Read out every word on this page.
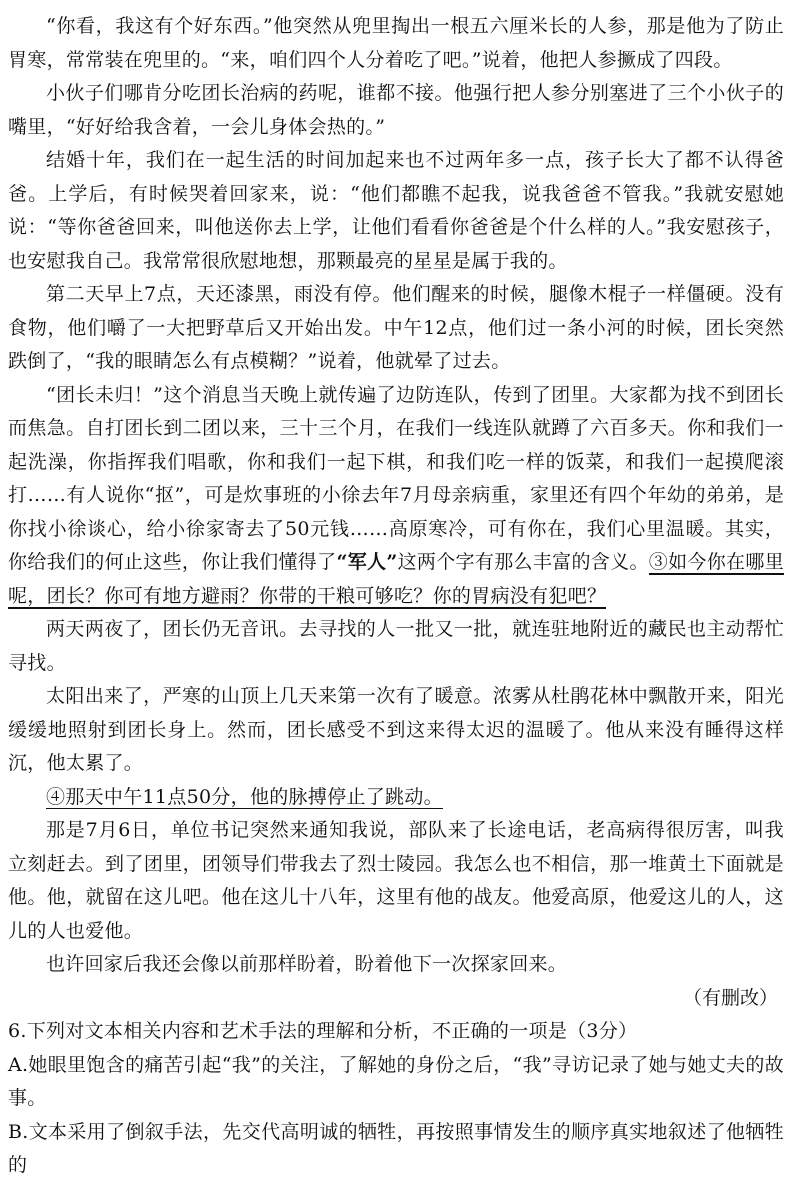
“你看，我这有个好东西。”他突然从兜里掏出一根五六厘米长的人参，那是他为了防止胃寒，常常装在兜里的。“来，咱们四个人分着吃了吧。”说着，他把人参撅成了四段。

小伙子们哪肯分吃团长治病的药呢，谁都不接。他强行把人参分别塞进了三个小伙子的嘴里，“好好给我含着，一会儿身体会热的。”

结婚十年，我们在一起生活的时间加起来也不过两年多一点，孩子长大了都不认得爸爸。上学后，有时候哭着回家来，说：“他们都瞧不起我，说我爸爸不管我。”我就安慰她说：“等你爸爸回来，叫他送你去上学，让他们看看你爸爸是个什么样的人。”我安慰孩子，也安慰我自己。我常常很欣慰地想，那颗最亮的星星是属于我的。

第二天早上7点，天还漆黑，雨没有停。他们醒来的时候，腿像木棍子一样僵硬。没有食物，他们嚼了一大把野草后又开始出发。中午12点，他们过一条小河的时候，团长突然跌倒了，“我的眼睛怎么有点模糊？”说着，他就晕了过去。

“团长未归！”这个消息当天晚上就传遍了边防连队，传到了团里。大家都为找不到团长而焦急。自打团长到二团以来，三十三个月，在我们一线连队就蹲了六百多天。你和我们一起洗澡，你指挥我们唱歌，你和我们一起下棋，和我们吃一样的饭菜，和我们一起摸爬滚打……有人说你“抠”，可是炊事班的小徐去年7月母亲病重，家里还有四个年幼的弟弟，是你找小徐谈心，给小徐家寄去了50元钱……高原寒冷，可有你在，我们心里温暖。其实，你给我们的何止这些，你让我们懂得了“军人”这两个字有那么丰富的含义。③如今你在哪里呢，团长？你可有地方避雨？你带的干粮可够吃？你的胃病没有犯吧？

两天两夜了，团长仍无音讯。去寻找的人一批又一批，就连驻地附近的藏民也主动帮忙寻找。

太阳出来了，严寒的山顶上几天来第一次有了暖意。浓雾从杜鹃花林中飘散开来，阳光缓缓地照射到团长身上。然而，团长感受不到这来得太迟的温暖了。他从来没有睡得这样沉，他太累了。

④那天中午11点50分，他的脉搏停止了跳动。

那是7月6日，单位书记突然来通知我说，部队来了长途电话，老高病得很厉害，叫我立刻赶去。到了团里，团领导们带我去了烈士陵园。我怎么也不相信，那一堆黄土下面就是他。他，就留在这儿吧。他在这儿十八年，这里有他的战友。他爱高原，他爱这儿的人，这儿的人也爱他。

也许回家后我还会像以前那样盼着，盼着他下一次探家回来。

（有删改）

6.下列对文本相关内容和艺术手法的理解和分析，不正确的一项是（3分）

A.她眼里饱含的痛苦引起“我”的关注，了解她的身份之后，“我”寻访记录了她与她丈夫的故事。

B.文本采用了倒叙手法，先交代高明诚的牺牲，再按照事情发生的顺序真实地叙述了他牺牲的
